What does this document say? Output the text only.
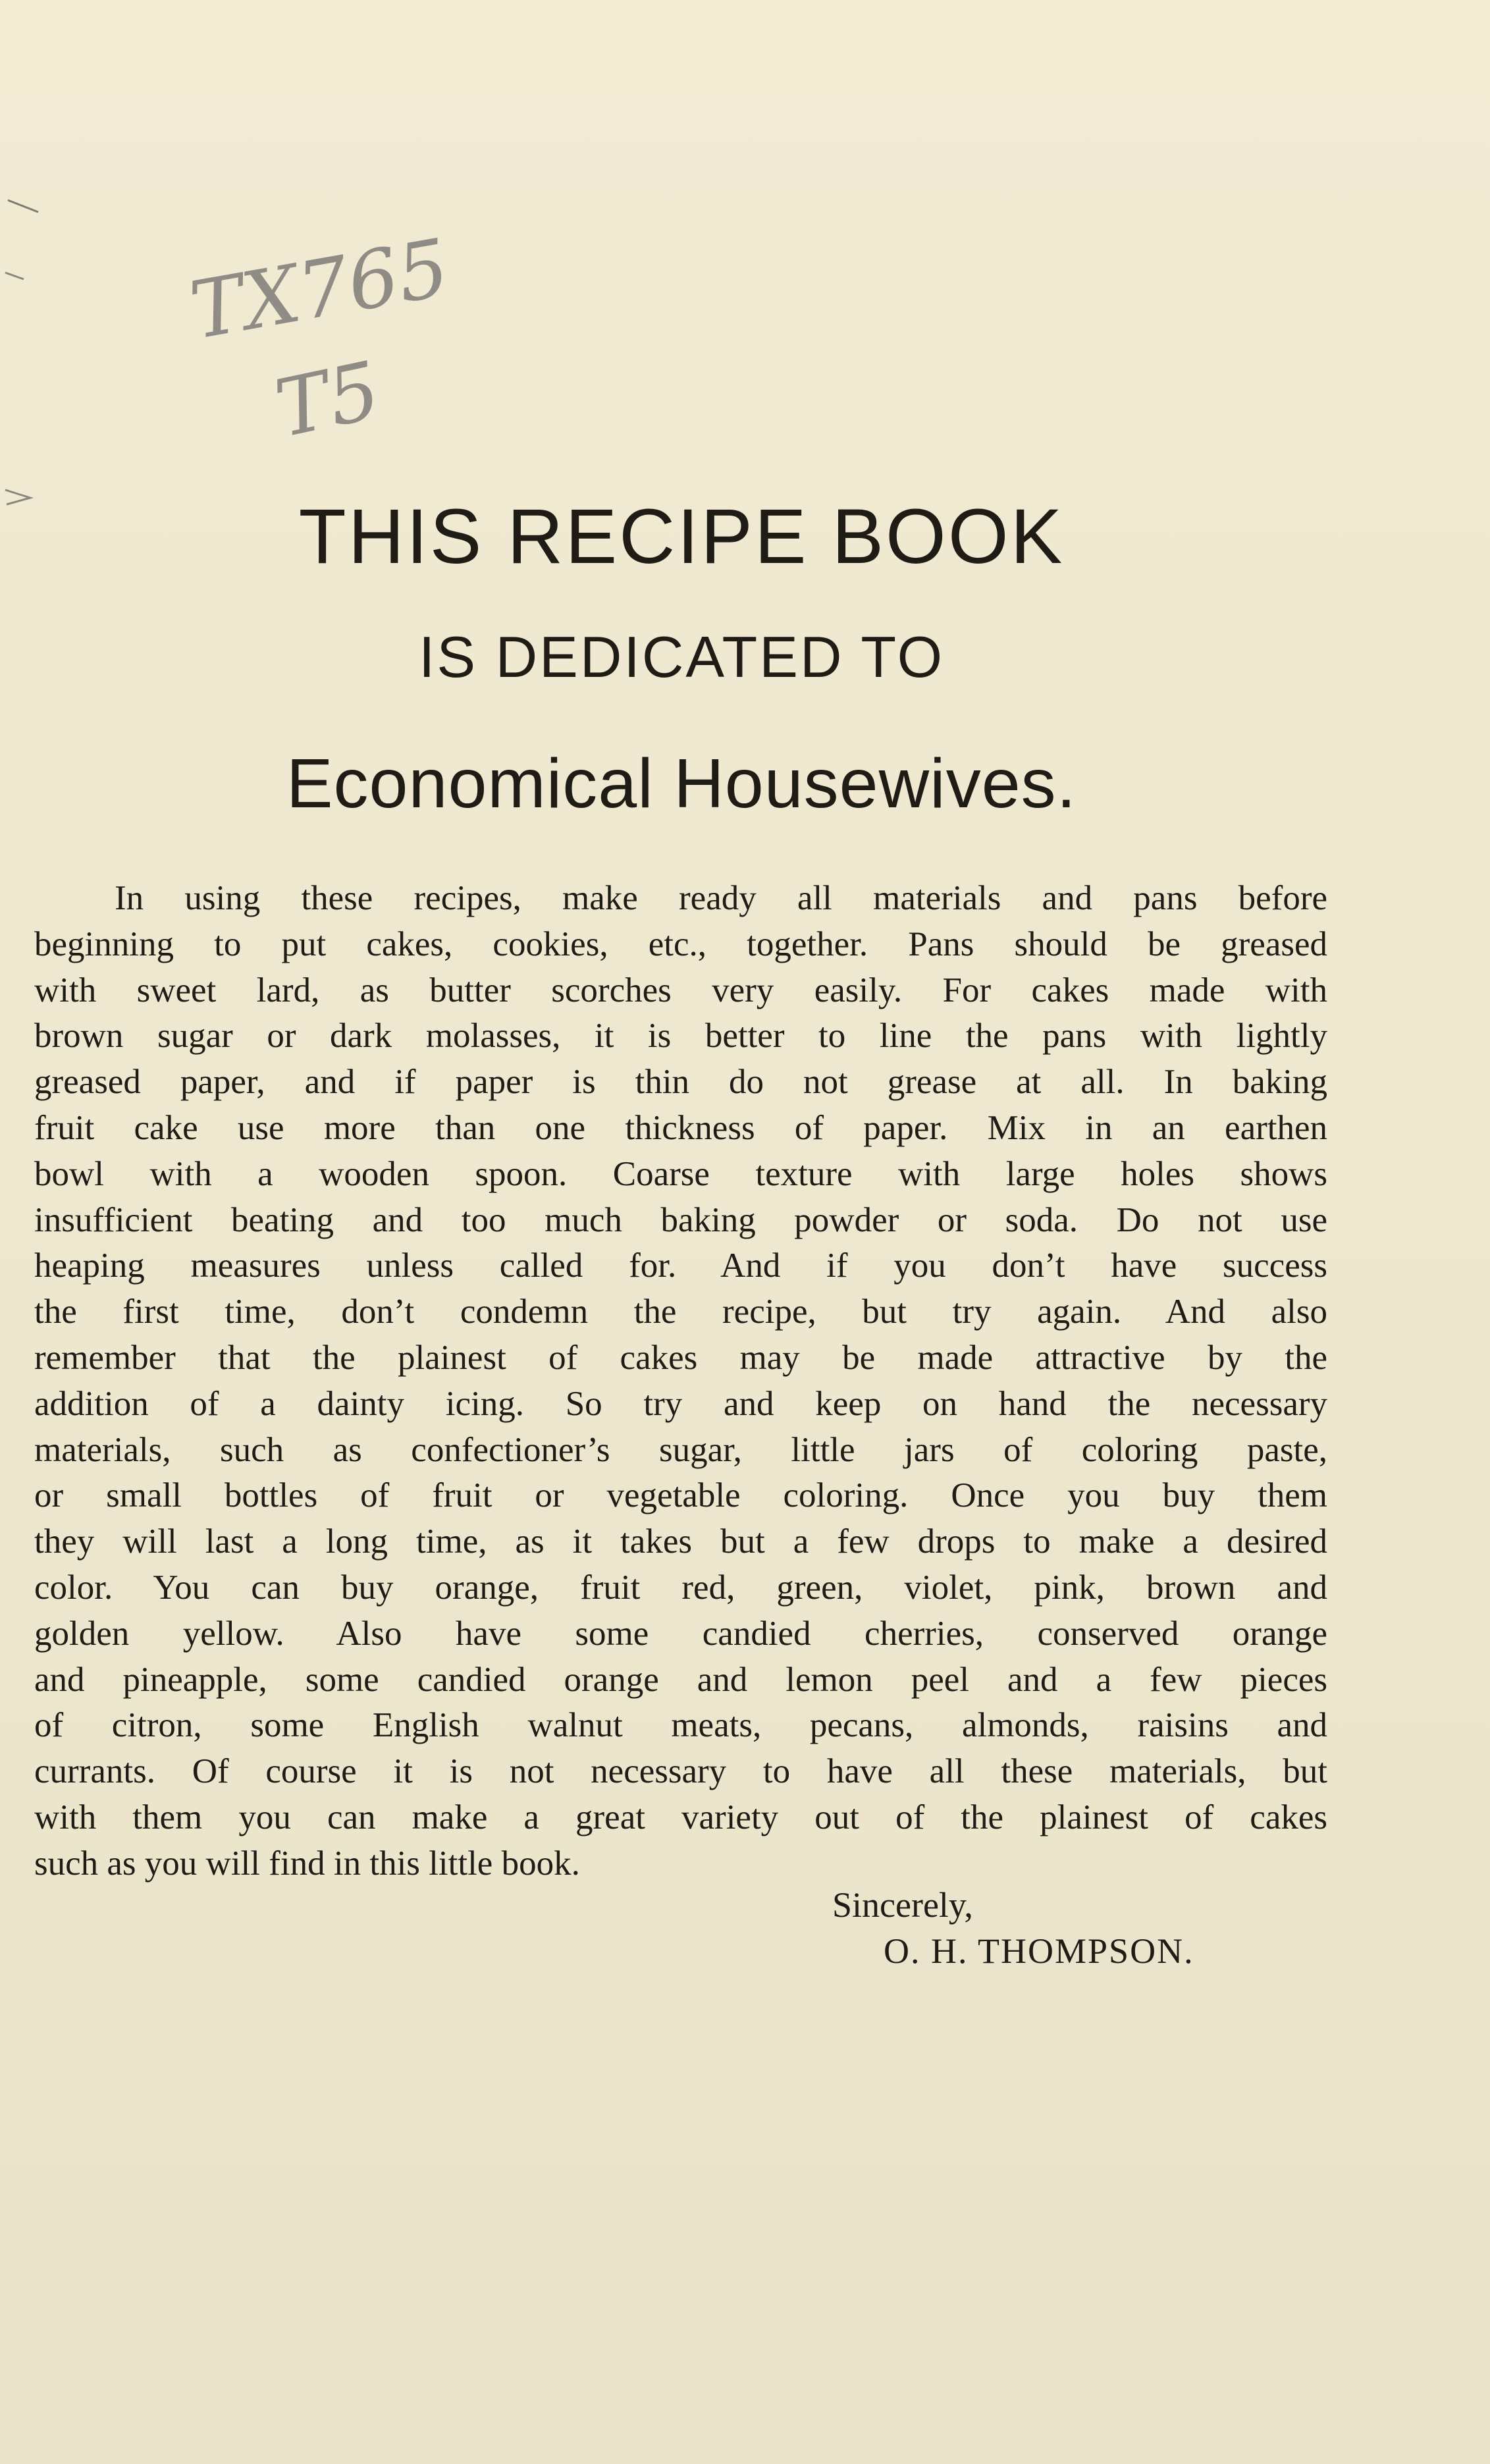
TX765
T5
THIS RECIPE BOOK
IS DEDICATED TO
Economical Housewives.
In using these recipes, make ready all materials and pans before
beginning to put cakes, cookies, etc., together. Pans should be greased
with sweet lard, as butter scorches very easily. For cakes made with
brown sugar or dark molasses, it is better to line the pans with lightly
greased paper, and if paper is thin do not grease at all. In baking
fruit cake use more than one thickness of paper. Mix in an earthen
bowl with a wooden spoon. Coarse texture with large holes shows
insufficient beating and too much baking powder or soda. Do not use
heaping measures unless called for. And if you don’t have success
the first time, don’t condemn the recipe, but try again. And also
remember that the plainest of cakes may be made attractive by the
addition of a dainty icing. So try and keep on hand the necessary
materials, such as confectioner’s sugar, little jars of coloring paste,
or small bottles of fruit or vegetable coloring. Once you buy them
they will last a long time, as it takes but a few drops to make a desired
color. You can buy orange, fruit red, green, violet, pink, brown and
golden yellow. Also have some candied cherries, conserved orange
and pineapple, some candied orange and lemon peel and a few pieces
of citron, some English walnut meats, pecans, almonds, raisins and
currants. Of course it is not necessary to have all these materials, but
with them you can make a great variety out of the plainest of cakes
such as you will find in this little book.
Sincerely,
O. H. THOMPSON.
